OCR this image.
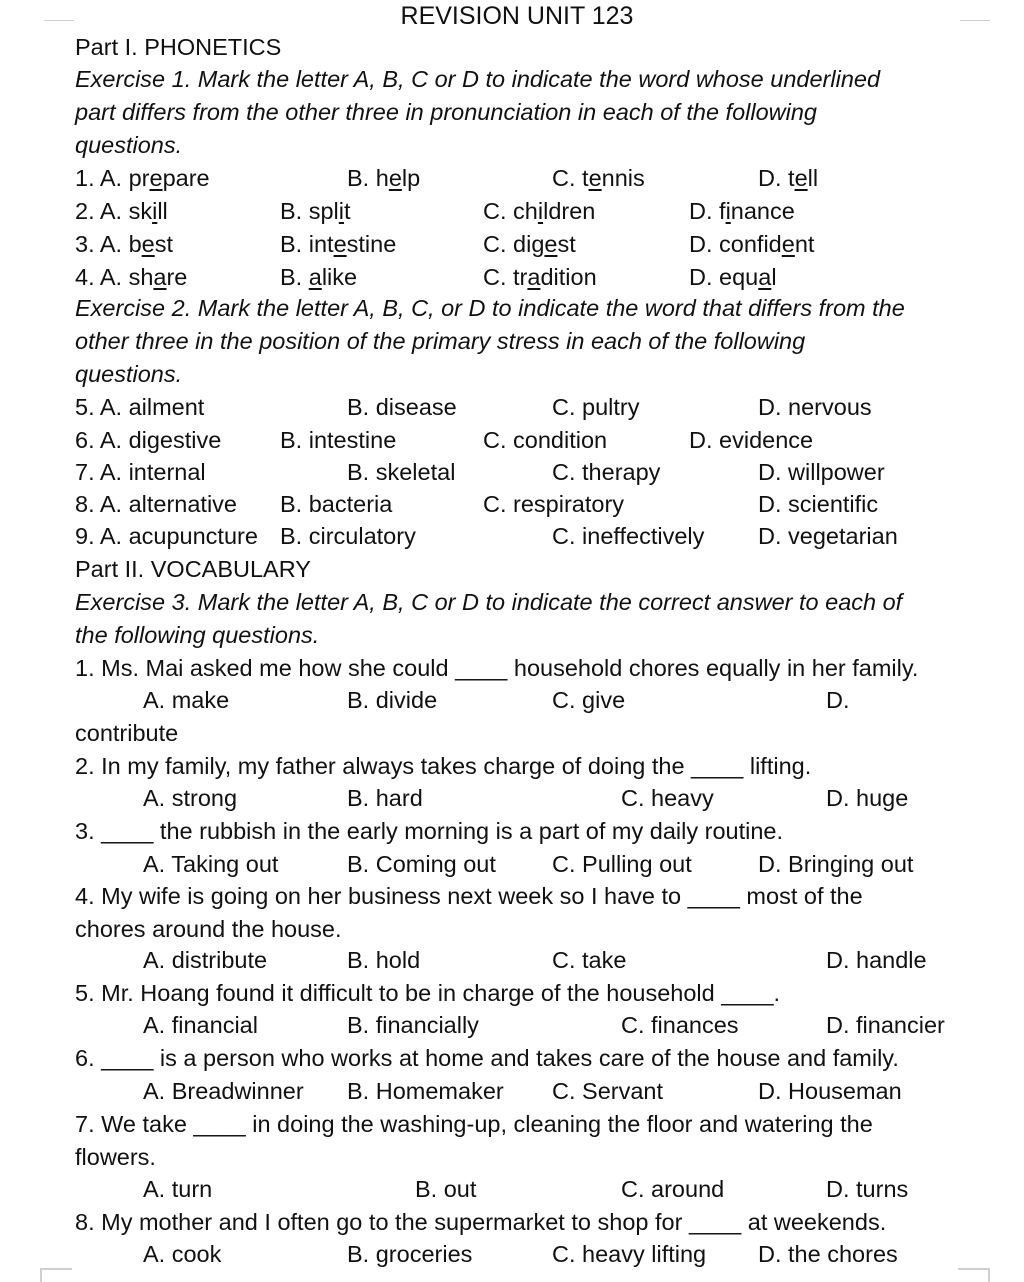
REVISION UNIT 123
Part I. PHONETICS
Exercise 1. Mark the letter A, B, C or D to indicate the word whose underlined
part differs from the other three in pronunciation in each of the following
questions.
1. A. prepare	B. help	C. tennis	D. tell
2. A. skill	B. split	C. children	D. finance
3. A. best	B. intestine	C. digest	D. confident
4. A. share	B. alike	C. tradition	D. equal
Exercise 2. Mark the letter A, B, C, or D to indicate the word that differs from the
other three in the position of the primary stress in each of the following
questions.
5. A. ailment	B. disease	C. pultry	D. nervous
6. A. digestive B. intestine	C. condition	D. evidence
7. A. internal	B. skeletal	C. therapy	D. willpower
8. A. alternative B. bacteria	C. respiratory	D. scientific
9. A. acupuncture B. circulatory	C. ineffectively D. vegetarian
Part II. VOCABULARY
Exercise 3. Mark the letter A, B, C or D to indicate the correct answer to each of
the following questions.
1. Ms. Mai asked me how she could ____ household chores equally in her family.
A. make	B. divide	C. give	D.
contribute
2. In my family, my father always takes charge of doing the ____ lifting.
A. strong	B. hard	C. heavy	D. huge
3. ____ the rubbish in the early morning is a part of my daily routine.
A. Taking out	B. Coming out C. Pulling out	D. Bringing out
4. My wife is going on her business next week so I have to ____ most of the
chores around the house.
A. distribute	B. hold	C. take	D. handle
5. Mr. Hoang found it difficult to be in charge of the household ____.
A. financial	B. financially	C. finances	D. financier
6. ____ is a person who works at home and takes care of the house and family.
A. Breadwinner B. Homemaker C. Servant	D. Houseman
7. We take ____ in doing the washing-up, cleaning the floor and watering the
flowers.
A. turn	B. out	C. around	D. turns
8. My mother and I often go to the supermarket to shop for ____ at weekends.
A. cook	B. groceries	C. heavy lifting D. the chores
